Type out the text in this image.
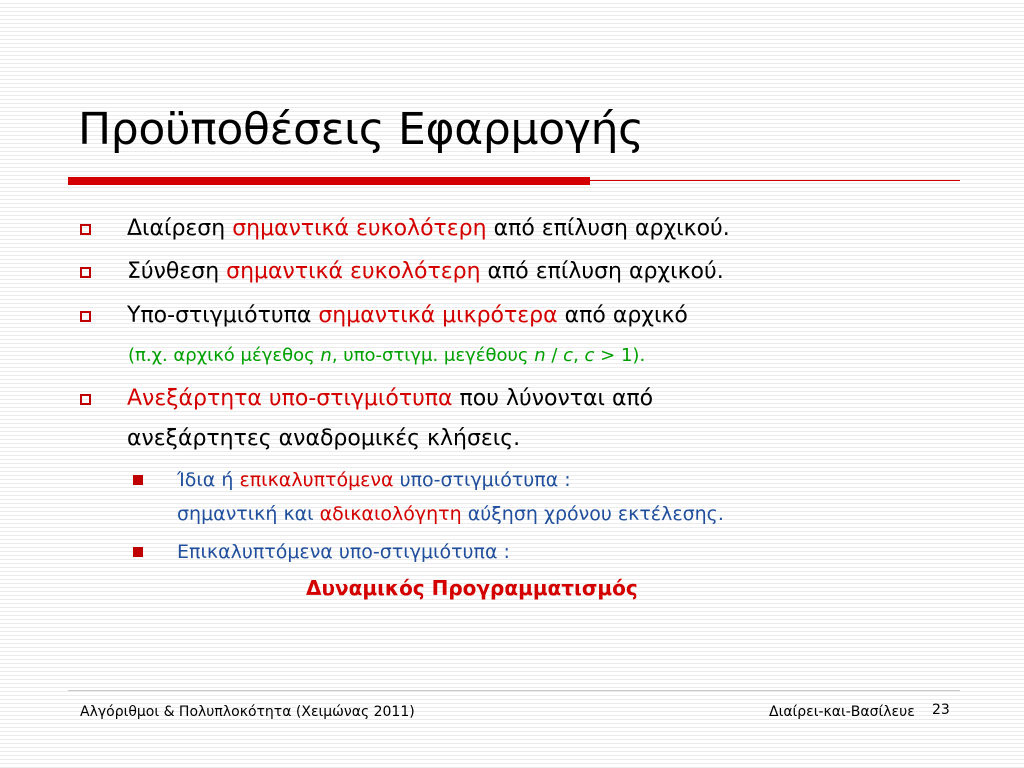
Προϋποθέσεις Εφαρμογής
Διαίρεση σημαντικά ευκολότερη από επίλυση αρχικού.
Σύνθεση σημαντικά ευκολότερη από επίλυση αρχικού.
Υπο-στιγμιότυπα σημαντικά μικρότερα από αρχικό
(π.χ. αρχικό μέγεθος n, υπο-στιγμ. μεγέθους n / c, c > 1).
Ανεξάρτητα υπο-στιγμιότυπα που λύνονται από
ανεξάρτητες αναδρομικές κλήσεις.
Ίδια ή επικαλυπτόμενα υπο-στιγμιότυπα :
σημαντική και αδικαιολόγητη αύξηση χρόνου εκτέλεσης.
Επικαλυπτόμενα υπο-στιγμιότυπα :
Δυναμικός Προγραμματισμός
Αλγόριθμοι & Πολυπλοκότητα (Χειμώνας 2011)	Διαίρει-και-Βασίλευε 23
